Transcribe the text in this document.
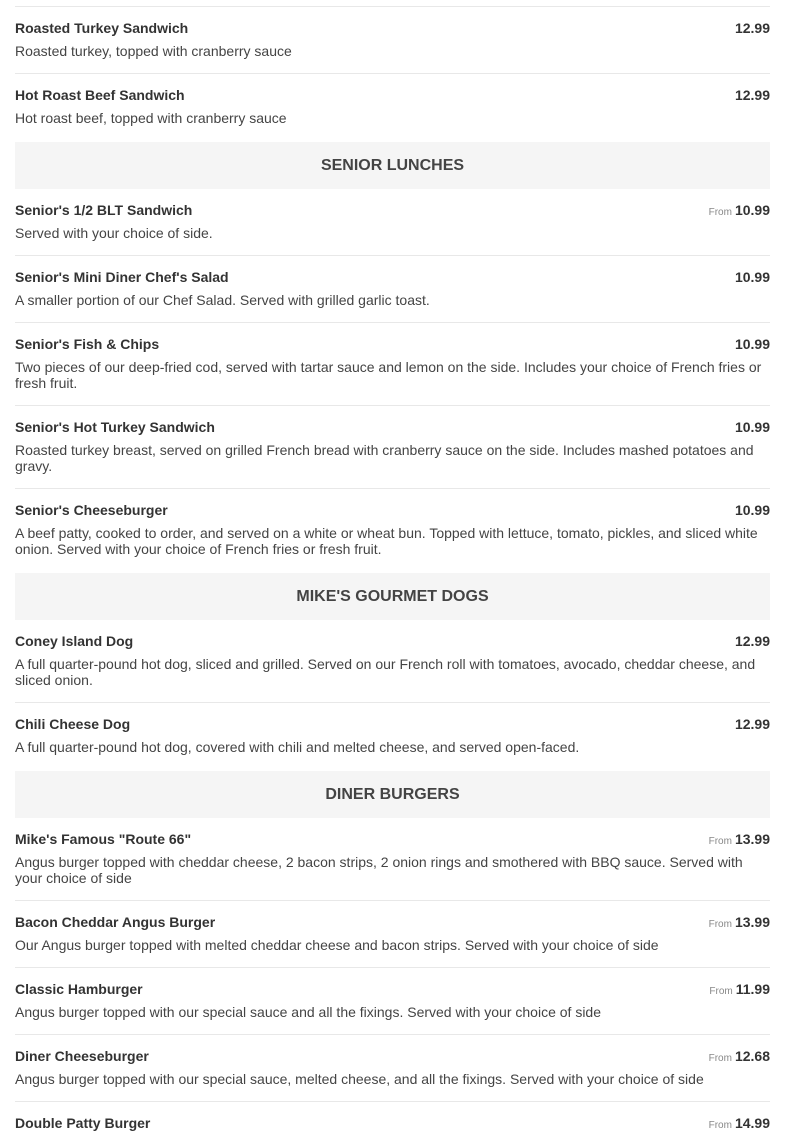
Roasted Turkey Sandwich	12.99
Roasted turkey, topped with cranberry sauce
Hot Roast Beef Sandwich	12.99
Hot roast beef, topped with cranberry sauce
SENIOR LUNCHES
Senior's 1/2 BLT Sandwich	From 10.99
Served with your choice of side.
Senior's Mini Diner Chef's Salad	10.99
A smaller portion of our Chef Salad. Served with grilled garlic toast.
Senior's Fish & Chips	10.99
Two pieces of our deep-fried cod, served with tartar sauce and lemon on the side. Includes your choice of French fries or fresh fruit.
Senior's Hot Turkey Sandwich	10.99
Roasted turkey breast, served on grilled French bread with cranberry sauce on the side. Includes mashed potatoes and gravy.
Senior's Cheeseburger	10.99
A beef patty, cooked to order, and served on a white or wheat bun. Topped with lettuce, tomato, pickles, and sliced white onion. Served with your choice of French fries or fresh fruit.
MIKE'S GOURMET DOGS
Coney Island Dog	12.99
A full quarter-pound hot dog, sliced and grilled. Served on our French roll with tomatoes, avocado, cheddar cheese, and sliced onion.
Chili Cheese Dog	12.99
A full quarter-pound hot dog, covered with chili and melted cheese, and served open-faced.
DINER BURGERS
Mike's Famous "Route 66"	From 13.99
Angus burger topped with cheddar cheese, 2 bacon strips, 2 onion rings and smothered with BBQ sauce. Served with your choice of side
Bacon Cheddar Angus Burger	From 13.99
Our Angus burger topped with melted cheddar cheese and bacon strips. Served with your choice of side
Classic Hamburger	From 11.99
Angus burger topped with our special sauce and all the fixings. Served with your choice of side
Diner Cheeseburger	From 12.68
Angus burger topped with our special sauce, melted cheese, and all the fixings. Served with your choice of side
Double Patty Burger	From 14.99
